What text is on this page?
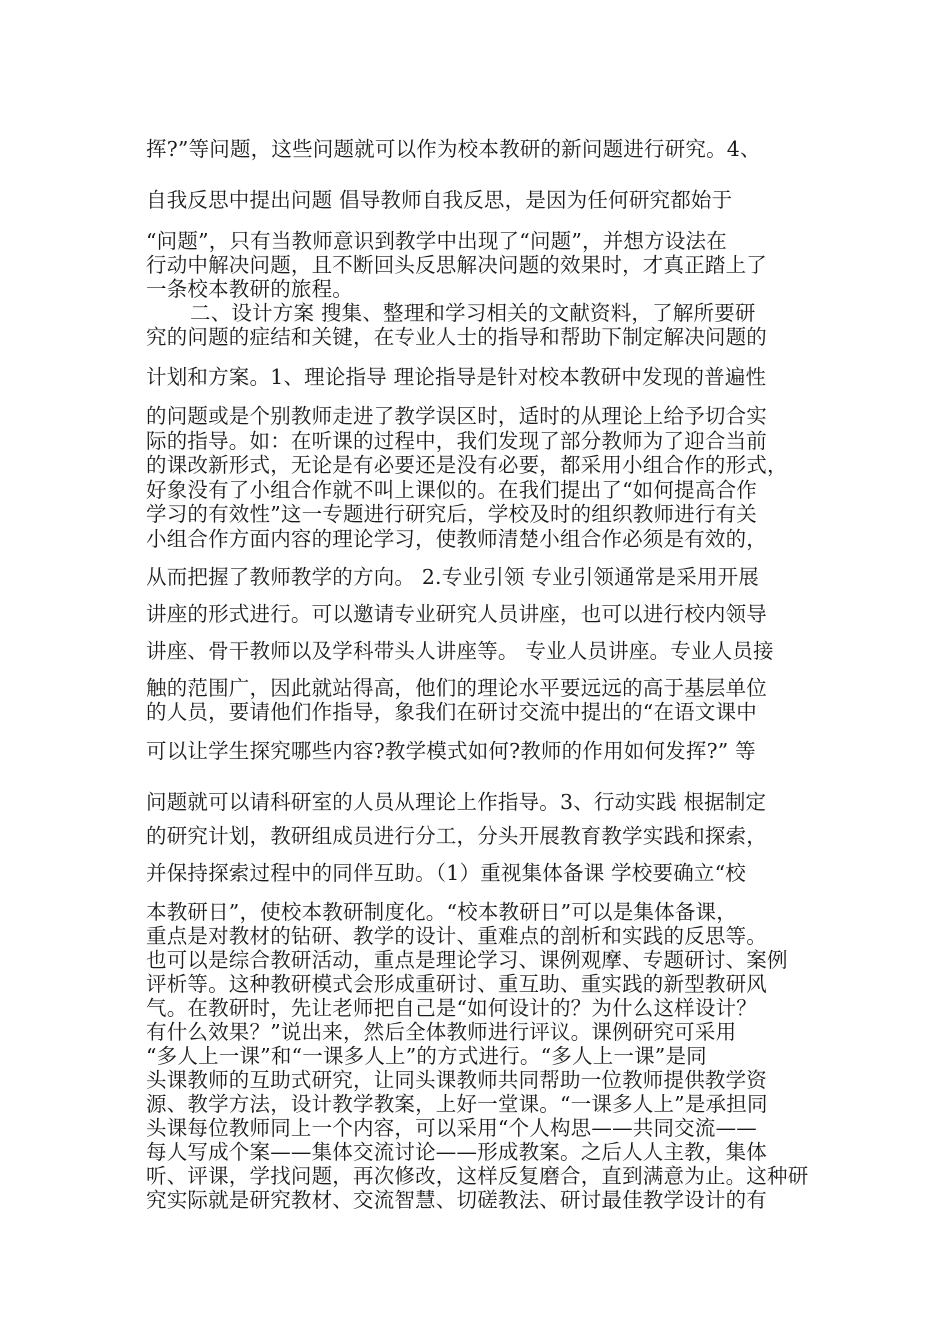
挥?”等问题，这些问题就可以作为校本教研的新问题进行研究。4、
自我反思中提出问题 倡导教师自我反思，是因为任何研究都始于
“问题”，只有当教师意识到教学中出现了“问题”，并想方设法在
行动中解决问题，且不断回头反思解决问题的效果时，才真正踏上了
一条校本教研的旅程。
二、设计方案 搜集、整理和学习相关的文献资料，了解所要研
究的问题的症结和关键，在专业人士的指导和帮助下制定解决问题的
计划和方案。1、理论指导 理论指导是针对校本教研中发现的普遍性
的问题或是个别教师走进了教学误区时，适时的从理论上给予切合实
际的指导。如：在听课的过程中，我们发现了部分教师为了迎合当前
的课改新形式，无论是有必要还是没有必要，都采用小组合作的形式，
好象没有了小组合作就不叫上课似的。在我们提出了“如何提高合作
学习的有效性”这一专题进行研究后，学校及时的组织教师进行有关
小组合作方面内容的理论学习，使教师清楚小组合作必须是有效的，
从而把握了教师教学的方向。 2.专业引领 专业引领通常是采用开展
讲座的形式进行。可以邀请专业研究人员讲座，也可以进行校内领导
讲座、骨干教师以及学科带头人讲座等。 专业人员讲座。专业人员接
触的范围广，因此就站得高，他们的理论水平要远远的高于基层单位
的人员，要请他们作指导，象我们在研讨交流中提出的“在语文课中
可以让学生探究哪些内容?教学模式如何?教师的作用如何发挥?” 等
问题就可以请科研室的人员从理论上作指导。3、行动实践 根据制定
的研究计划，教研组成员进行分工，分头开展教育教学实践和探索，
并保持探索过程中的同伴互助。（1）重视集体备课 学校要确立“校
本教研日”，使校本教研制度化。“校本教研日”可以是集体备课，
重点是对教材的钻研、教学的设计、重难点的剖析和实践的反思等。
也可以是综合教研活动，重点是理论学习、课例观摩、专题研讨、案例
评析等。这种教研模式会形成重研讨、重互助、重实践的新型教研风
气。在教研时，先让老师把自己是“如何设计的？为什么这样设计？
有什么效果？”说出来，然后全体教师进行评议。课例研究可采用
“多人上一课”和“一课多人上”的方式进行。“多人上一课”是同
头课教师的互助式研究，让同头课教师共同帮助一位教师提供教学资
源、教学方法，设计教学教案，上好一堂课。“一课多人上”是承担同
头课每位教师同上一个内容，可以采用“个人构思——共同交流——
每人写成个案——集体交流讨论——形成教案。之后人人主教，集体
听、评课，学找问题，再次修改，这样反复磨合，直到满意为止。这种研
究实际就是研究教材、交流智慧、切磋教法、研讨最佳教学设计的有
